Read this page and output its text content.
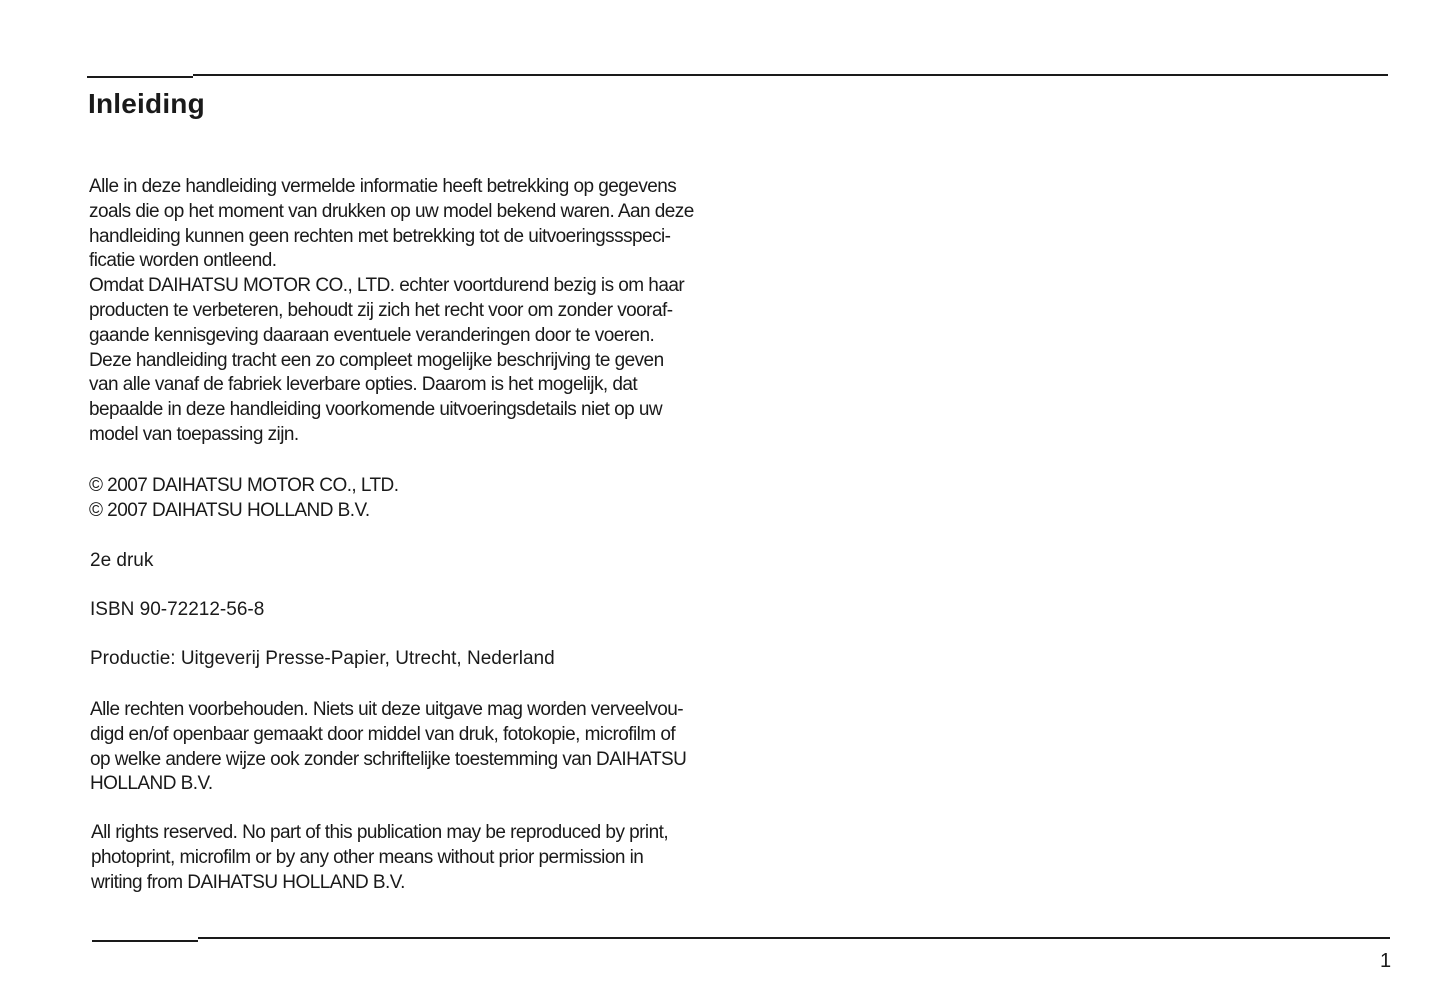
Inleiding
Alle in deze handleiding vermelde informatie heeft betrekking op gegevens
zoals die op het moment van drukken op uw model bekend waren. Aan deze
handleiding kunnen geen rechten met betrekking tot de uitvoeringssspeci-
ficatie worden ontleend.
Omdat DAIHATSU MOTOR CO., LTD. echter voortdurend bezig is om haar
producten te verbeteren, behoudt zij zich het recht voor om zonder vooraf-
gaande kennisgeving daaraan eventuele veranderingen door te voeren.
Deze handleiding tracht een zo compleet mogelijke beschrijving te geven
van alle vanaf de fabriek leverbare opties. Daarom is het mogelijk, dat
bepaalde in deze handleiding voorkomende uitvoeringsdetails niet op uw
model van toepassing zijn.
© 2007 DAIHATSU MOTOR CO., LTD.
© 2007 DAIHATSU HOLLAND B.V.
2e druk
ISBN 90-72212-56-8
Productie: Uitgeverij Presse-Papier, Utrecht, Nederland
Alle rechten voorbehouden. Niets uit deze uitgave mag worden verveelvou-
digd en/of openbaar gemaakt door middel van druk, fotokopie, microfilm of
op welke andere wijze ook zonder schriftelijke toestemming van DAIHATSU
HOLLAND B.V.
All rights reserved. No part of this publication may be reproduced by print,
photoprint, microfilm or by any other means without prior permission in
writing from DAIHATSU HOLLAND B.V.
1
